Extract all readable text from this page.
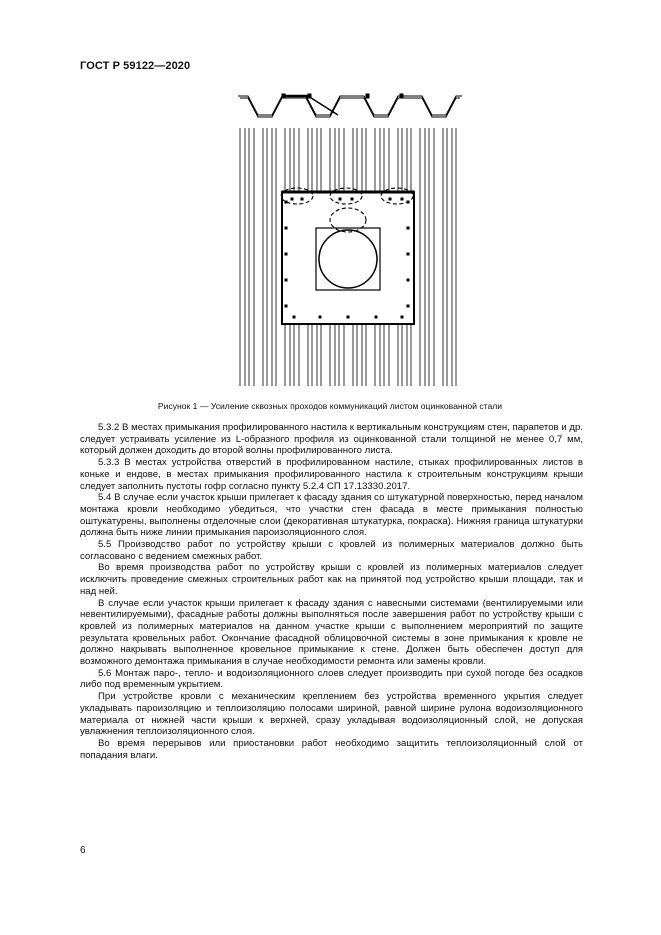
ГОСТ Р 59122—2020
Рисунок 1 — Усиление сквозных проходов коммуникаций листом оцинкованной стали

5.3.2 В местах примыкания профилированного настила к вертикальным конструкциям стен, парапетов и др. следует устраивать усиление из L-образного профиля из оцинкованной стали толщиной не менее 0,7 мм, который должен доходить до второй волны профилированного листа.

5.3.3 В местах устройства отверстий в профилированном настиле, стыках профилированных листов в коньке и ендове, в местах примыкания профилированного настила к строительным конструкциям крыши следует заполнить пустоты гофр согласно пункту 5.2.4 СП 17.13330.2017.

5.4 В случае если участок крыши прилегает к фасаду здания со штукатурной поверхностью, перед началом монтажа кровли необходимо убедиться, что участки стен фасада в месте примыкания полностью оштукатурены, выполнены отделочные слои (декоративная штукатурка, покраска). Нижняя граница штукатурки должна быть ниже линии примыкания пароизоляционного слоя.

5.5 Производство работ по устройству крыши с кровлей из полимерных материалов должно быть согласовано с ведением смежных работ.

Во время производства работ по устройству крыши с кровлей из полимерных материалов следует исключить проведение смежных строительных работ как на принятой под устройство крыши площади, так и над ней.

В случае если участок крыши прилегает к фасаду здания с навесными системами (вентилируемыми или невентилируемыми), фасадные работы должны выполняться после завершения работ по устройству крыши с кровлей из полимерных материалов на данном участке крыши с выполнением мероприятий по защите результата кровельных работ. Окончание фасадной облицовочной системы в зоне примыкания к кровле не должно накрывать выполненное кровельное примыкание к стене. Должен быть обеспечен доступ для возможного демонтажа примыкания в случае необходимости ремонта или замены кровли.

5.6 Монтаж паро-, тепло- и водоизоляционного слоев следует производить при сухой погоде без осадков либо под временным укрытием.

При устройстве кровли с механическим креплением без устройства временного укрытия следует укладывать пароизоляцию и теплоизоляцию полосами шириной, равной ширине рулона водоизоляционного материала от нижней части крыши к верхней, сразу укладывая водоизоляционный слой, не допуская увлажнения теплоизоляционного слоя.

Во время перерывов или приостановки работ необходимо защитить теплоизоляционный слой от попадания влаги.

6
